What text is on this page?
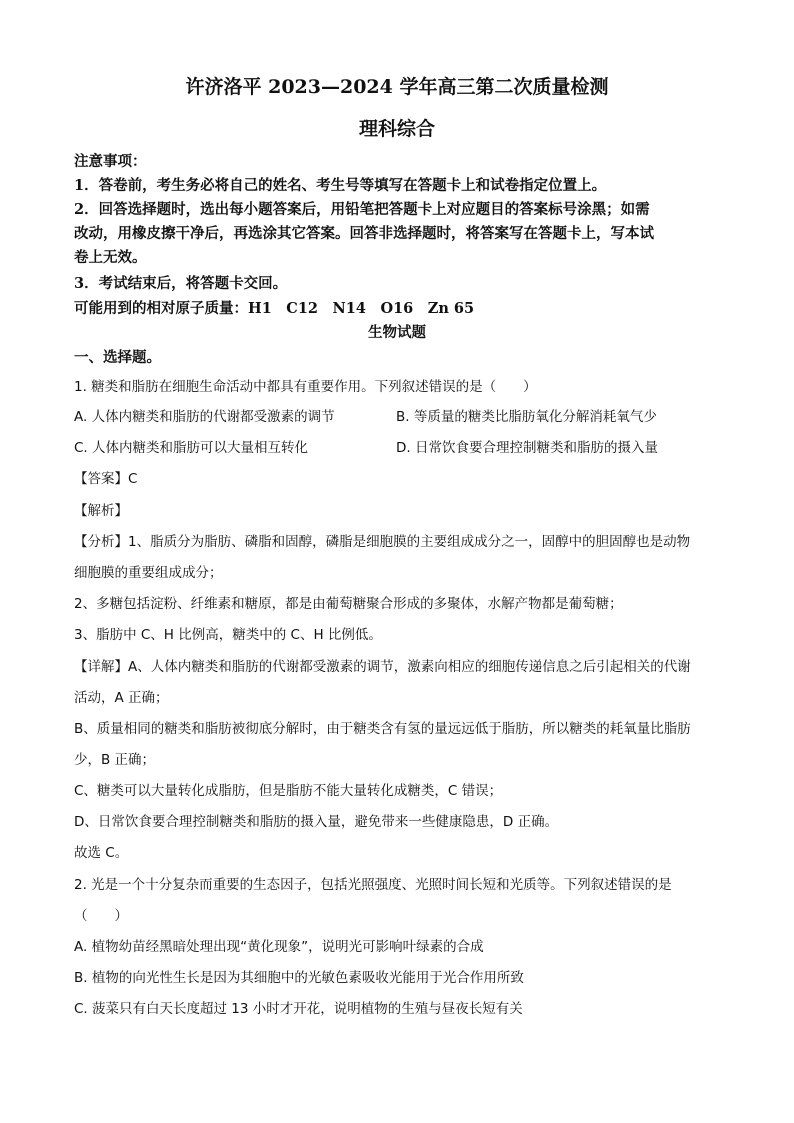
许济洛平 2023—2024 学年高三第二次质量检测
理科综合
注意事项：
1．答卷前，考生务必将自己的姓名、考生号等填写在答题卡上和试卷指定位置上。
2．回答选择题时，选出每小题答案后，用铅笔把答题卡上对应题目的答案标号涂黑；如需
改动，用橡皮擦干净后，再选涂其它答案。回答非选择题时，将答案写在答题卡上，写本试
卷上无效。
3．考试结束后，将答题卡交回。
可能用到的相对原子质量：H1　C12　N14　O16　Zn 65
生物试题
一、选择题。
1. 糖类和脂肪在细胞生命活动中都具有重要作用。下列叙述错误的是（　　）
A. 人体内糖类和脂肪的代谢都受激素的调节	B. 等质量的糖类比脂肪氧化分解消耗氧气少
C. 人体内糖类和脂肪可以大量相互转化	D. 日常饮食要合理控制糖类和脂肪的摄入量
【答案】C
【解析】
【分析】1、脂质分为脂肪、磷脂和固醇，磷脂是细胞膜的主要组成成分之一，固醇中的胆固醇也是动物
细胞膜的重要组成成分；
2、多糖包括淀粉、纤维素和糖原，都是由葡萄糖聚合形成的多聚体，水解产物都是葡萄糖；
3、脂肪中 C、H 比例高，糖类中的 C、H 比例低。
【详解】A、人体内糖类和脂肪的代谢都受激素的调节，激素向相应的细胞传递信息之后引起相关的代谢
活动，A 正确；
B、质量相同的糖类和脂肪被彻底分解时，由于糖类含有氢的量远远低于脂肪，所以糖类的耗氧量比脂肪
少，B 正确；
C、糖类可以大量转化成脂肪，但是脂肪不能大量转化成糖类，C 错误；
D、日常饮食要合理控制糖类和脂肪的摄入量，避免带来一些健康隐患，D 正确。
故选 C。
2. 光是一个十分复杂而重要的生态因子，包括光照强度、光照时间长短和光质等。下列叙述错误的是
（　　）
A. 植物幼苗经黑暗处理出现“黄化现象”，说明光可影响叶绿素的合成
B. 植物的向光性生长是因为其细胞中的光敏色素吸收光能用于光合作用所致
C. 菠菜只有白天长度超过 13 小时才开花，说明植物的生殖与昼夜长短有关
